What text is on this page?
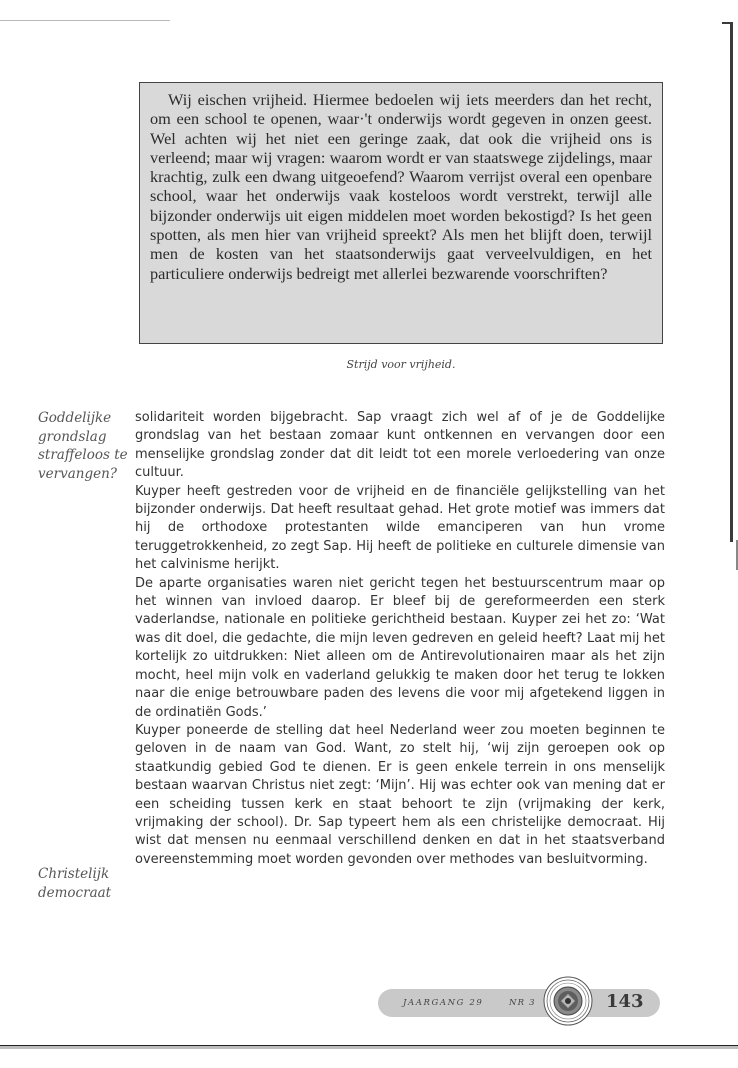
Wij eischen vrijheid. Hiermee bedoelen wij iets meerders dan het recht, om een school te openen, waar·'t onderwijs wordt gegeven in onzen geest. Wel achten wij het niet een geringe zaak, dat ook die vrijheid ons is verleend; maar wij vragen: waarom wordt er van staatswege zijdelings, maar krachtig, zulk een dwang uitgeoefend? Waarom verrijst overal een openbare school, waar het onderwijs vaak kosteloos wordt verstrekt, terwijl alle bijzonder onderwijs uit eigen middelen moet worden bekostigd? Is het geen spotten, als men hier van vrijheid spreekt? Als men het blijft doen, terwijl men de kosten van het staatsonderwijs gaat verveelvuldigen, en het particuliere onderwijs bedreigt met allerlei bezwarende voorschriften?

Strijd voor vrijheid.
Goddelijke grondslag straffeloos te vervangen?
Christelijk democraat

solidariteit worden bijgebracht. Sap vraagt zich wel af of je de Goddelijke grondslag van het bestaan zomaar kunt ontkennen en vervangen door een menselijke grondslag zonder dat dit leidt tot een morele verloedering van onze cultuur.

Kuyper heeft gestreden voor de vrijheid en de financiële gelijkstelling van het bijzonder onderwijs. Dat heeft resultaat gehad. Het grote motief was immers dat hij de orthodoxe protestanten wilde emanciperen van hun vrome teruggetrokkenheid, zo zegt Sap. Hij heeft de politieke en culturele dimensie van het calvinisme herijkt.

De aparte organisaties waren niet gericht tegen het bestuurscentrum maar op het winnen van invloed daarop. Er bleef bij de gereformeerden een sterk vaderlandse, nationale en politieke gerichtheid bestaan. Kuyper zei het zo: ‘Wat was dit doel, die gedachte, die mijn leven gedreven en geleid heeft? Laat mij het kortelijk zo uitdrukken: Niet alleen om de Antirevolutionairen maar als het zijn mocht, heel mijn volk en vaderland gelukkig te maken door het terug te lokken naar die enige betrouwbare paden des levens die voor mij afgetekend liggen in de ordinatiën Gods.’

Kuyper poneerde de stelling dat heel Nederland weer zou moeten beginnen te geloven in de naam van God. Want, zo stelt hij, ‘wij zijn geroepen ook op staatkundig gebied God te dienen. Er is geen enkele terrein in ons menselijk bestaan waarvan Christus niet zegt: ‘Mijn’. Hij was echter ook van mening dat er een scheiding tussen kerk en staat behoort te zijn (vrijmaking der kerk, vrijmaking der school). Dr. Sap typeert hem als een christelijke democraat. Hij wist dat mensen nu eenmaal verschillend denken en dat in het staatsverband overeenstemming moet worden gevonden over methodes van besluitvorming.

JAARGANG 29	NR 3	143
